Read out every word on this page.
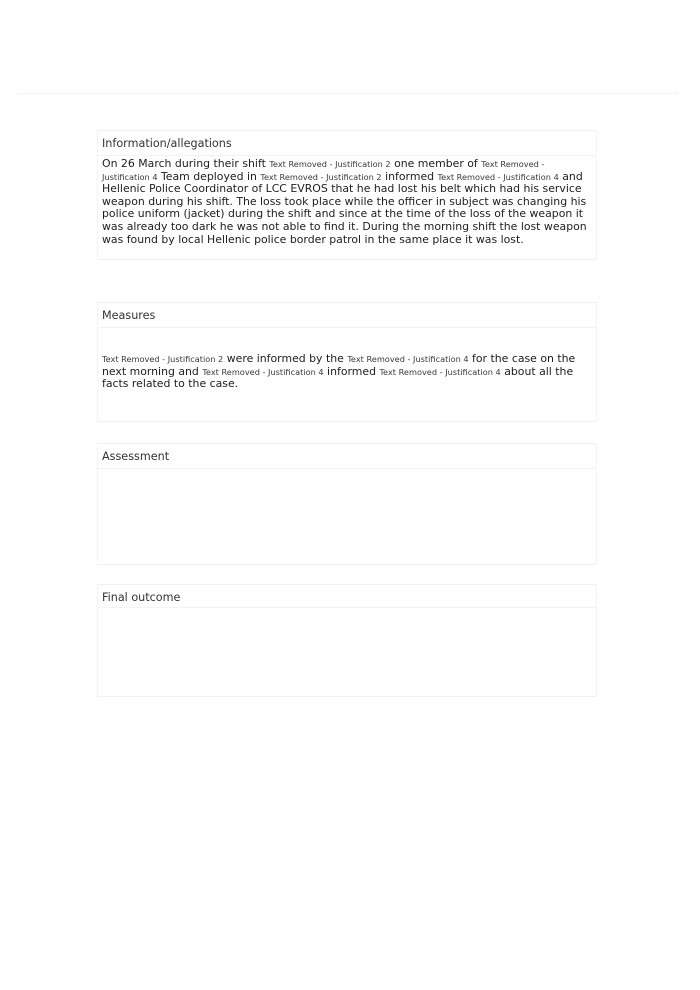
Information/allegations

On 26 March during their shift Text Removed - Justification 2 one member of Text Removed - Justification 4 Team deployed in Text Removed - Justification 2 informed Text Removed - Justification 4 and Hellenic Police Coordinator of LCC EVROS that he had lost his belt which had his service weapon during his shift. The loss took place while the officer in subject was changing his police uniform (jacket) during the shift and since at the time of the loss of the weapon it was already too dark he was not able to find it. During the morning shift the lost weapon was found by local Hellenic police border patrol in the same place it was lost.

Measures

Text Removed - Justification 2 were informed by the Text Removed - Justification 4 for the case on the next morning and Text Removed - Justification 4 informed Text Removed - Justification 4 about all the facts related to the case.

Assessment

Final outcome
